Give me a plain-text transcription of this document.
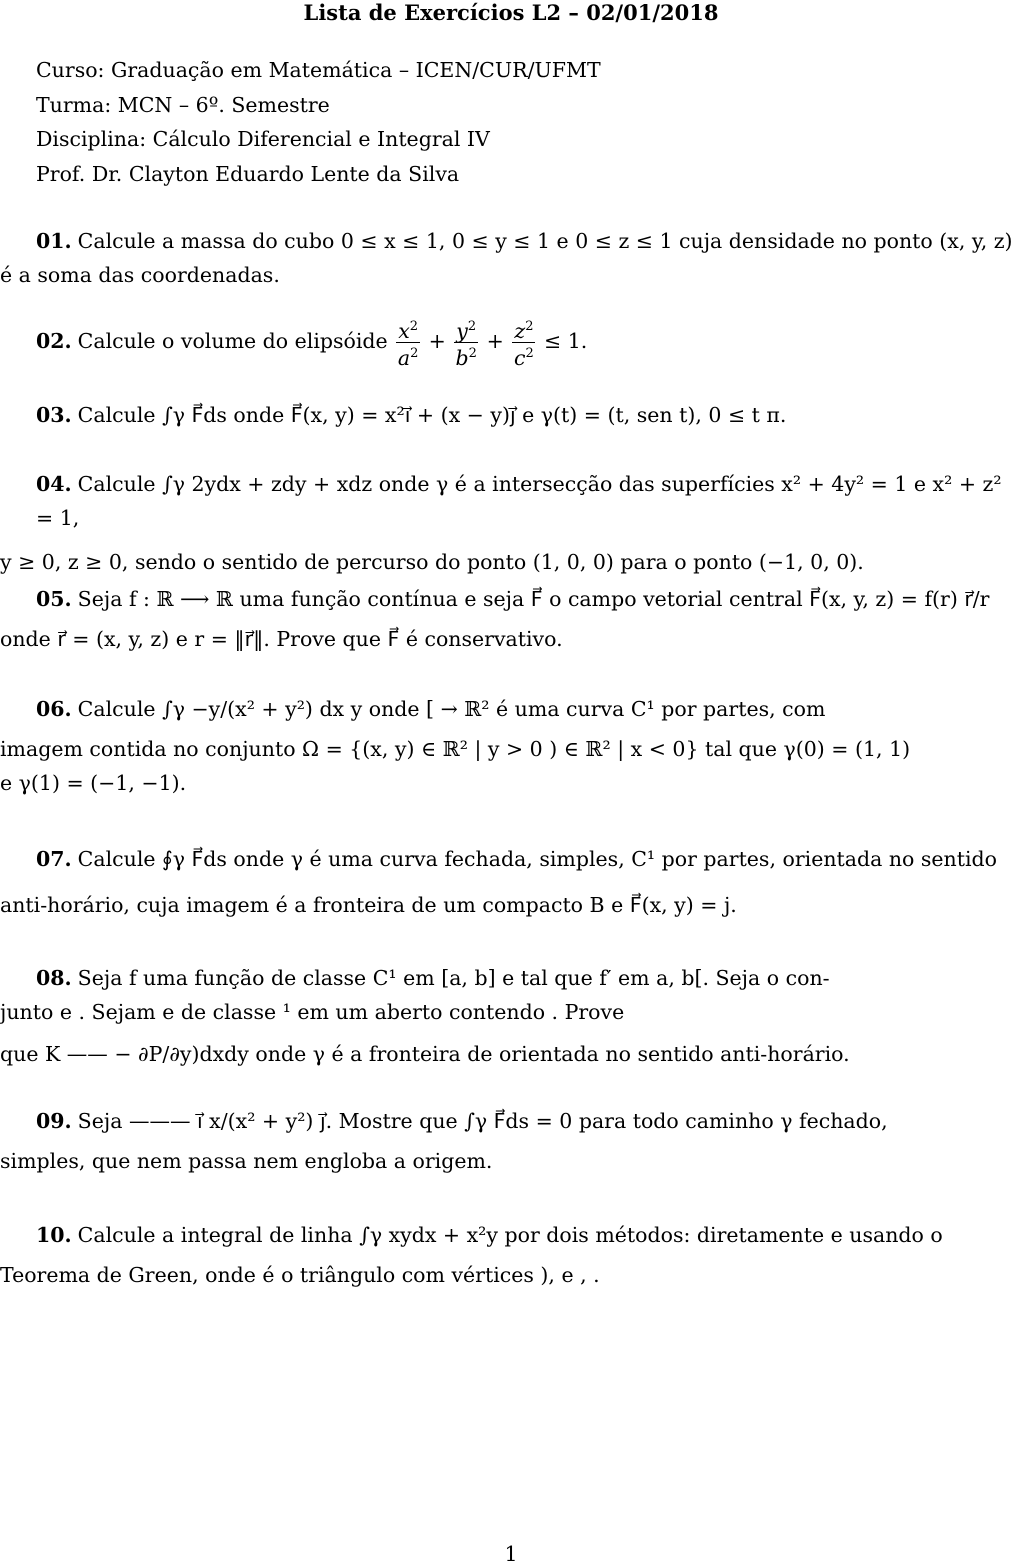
Lista de Exercícios L2 – 02/01/2018
Curso: Graduação em Matemática – ICEN/CUR/UFMT
Turma: MCN – 6º. Semestre
Disciplina: Cálculo Diferencial e Integral IV
Prof. Dr. Clayton Eduardo Lente da Silva
01. Calcule a massa do cubo 0 ≤ x ≤ 1, 0 ≤ y ≤ 1 e 0 ≤ z ≤ 1 cuja densidade no ponto (x, y, z)
é a soma das coordenadas.
02. Calcule o volume do elipsóide $\frac{x^2}{a^2} + \frac{y^2}{b^2} + \frac{z^2}{c^2} \le 1$.
03. Calcule ∫γ F⃗ds onde F⃗(x, y) = x²i⃗ + (x − y)j⃗ e γ(t) = (t, sen t), 0 ≤ t π.
04. Calcule ∫γ 2ydx + zdy + xdz onde γ é a intersecção das superfícies x² + 4y² = 1 e x² + z² = 1,
y ≥ 0, z ≥ 0, sendo o sentido de percurso do ponto (1, 0, 0) para o ponto (−1, 0, 0).
05. Seja f : ℝ ⟶ ℝ uma função contínua e seja F⃗ o campo vetorial central F⃗(x, y, z) = f(r) r⃗/r
onde r⃗ = (x, y, z) e r = ‖r⃗‖. Prove que F⃗ é conservativo.
06. Calcule ∫γ −y/(x² + y²) dx y onde [ → ℝ² é uma curva C¹ por partes, com
imagem contida no conjunto Ω = {(x, y) ∈ ℝ² | y > 0 ) ∈ ℝ² | x < 0} tal que γ(0) = (1, 1)
e γ(1) = (−1, −1).
07. Calcule ∮γ F⃗ds onde γ é uma curva fechada, simples, C¹ por partes, orientada no sentido
anti-horário, cuja imagem é a fronteira de um compacto B e F⃗(x, y) = j.
08. Seja f uma função de classe C¹ em [a, b] e tal que f′ em a, b[. Seja o con-
junto e . Sejam e de classe ¹ em um aberto contendo . Prove
que K —— − ∂P/∂y)dxdy onde γ é a fronteira de orientada no sentido anti-horário.
09. Seja ——— i⃗ x/(x² + y²) j⃗. Mostre que ∫γ F⃗ds = 0 para todo caminho γ fechado,
simples, que nem passa nem engloba a origem.
10. Calcule a integral de linha ∫γ xydx + x²y por dois métodos: diretamente e usando o
Teorema de Green, onde é o triângulo com vértices ), e , .
1
